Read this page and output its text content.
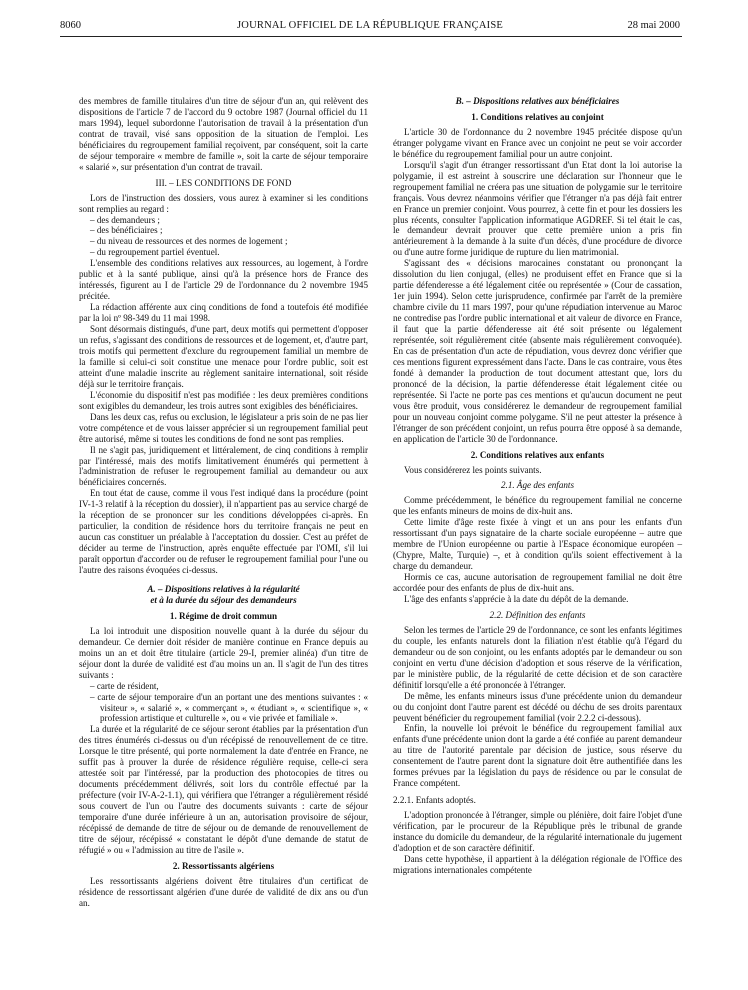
8060	JOURNAL OFFICIEL DE LA RÉPUBLIQUE FRANÇAISE	28 mai 2000

des membres de famille titulaires d'un titre de séjour d'un an, qui relèvent des dispositions de l'article 7 de l'accord du 9 octobre 1987 (Journal officiel du 11 mars 1994), lequel subordonne l'autorisation de travail à la présentation d'un contrat de travail, visé sans opposition de la situation de l'emploi. Les bénéficiaires du regroupement familial reçoivent, par conséquent, soit la carte de séjour temporaire « membre de famille », soit la carte de séjour temporaire « salarié », sur présentation d'un contrat de travail.

III. – LES CONDITIONS DE FOND

Lors de l'instruction des dossiers, vous aurez à examiner si les conditions sont remplies au regard :

– des demandeurs ;

– des bénéficiaires ;

– du niveau de ressources et des normes de logement ;

– du regroupement partiel éventuel.

L'ensemble des conditions relatives aux ressources, au logement, à l'ordre public et à la santé publique, ainsi qu'à la présence hors de France des intéressés, figurent au I de l'article 29 de l'ordonnance du 2 novembre 1945 précitée.

La rédaction afférente aux cinq conditions de fond a toutefois été modifiée par la loi nº 98-349 du 11 mai 1998.

Sont désormais distingués, d'une part, deux motifs qui permettent d'opposer un refus, s'agissant des conditions de ressources et de logement, et, d'autre part, trois motifs qui permettent d'exclure du regroupement familial un membre de la famille si celui-ci soit constitue une menace pour l'ordre public, soit est atteint d'une maladie inscrite au règlement sanitaire international, soit réside déjà sur le territoire français.

L'économie du dispositif n'est pas modifiée : les deux premières conditions sont exigibles du demandeur, les trois autres sont exigibles des bénéficiaires.

Dans les deux cas, refus ou exclusion, le législateur a pris soin de ne pas lier votre compétence et de vous laisser apprécier si un regroupement familial peut être autorisé, même si toutes les conditions de fond ne sont pas remplies.

Il ne s'agit pas, juridiquement et littéralement, de cinq conditions à remplir par l'intéressé, mais des motifs limitativement énumérés qui permettent à l'administration de refuser le regroupement familial au demandeur ou aux bénéficiaires concernés.

En tout état de cause, comme il vous l'est indiqué dans la procédure (point IV-1-3 relatif à la réception du dossier), il n'appartient pas au service chargé de la réception de se prononcer sur les conditions développées ci-après. En particulier, la condition de résidence hors du territoire français ne peut en aucun cas constituer un préalable à l'acceptation du dossier. C'est au préfet de décider au terme de l'instruction, après enquête effectuée par l'OMI, s'il lui paraît opportun d'accorder ou de refuser le regroupement familial pour l'une ou l'autre des raisons évoquées ci-dessus.

A. – Dispositions relatives à la régularité

et à la durée du séjour des demandeurs

1. Régime de droit commun

La loi introduit une disposition nouvelle quant à la durée du séjour du demandeur. Ce dernier doit résider de manière continue en France depuis au moins un an et doit être titulaire (article 29-I, premier alinéa) d'un titre de séjour dont la durée de validité est d'au moins un an. Il s'agit de l'un des titres suivants :

– carte de résident,

– carte de séjour temporaire d'un an portant une des mentions suivantes : « visiteur », « salarié », « commerçant », « étudiant », « scientifique », « profession artistique et culturelle », ou « vie privée et familiale ».

La durée et la régularité de ce séjour seront établies par la présentation d'un des titres énumérés ci-dessus ou d'un récépissé de renouvellement de ce titre. Lorsque le titre présenté, qui porte normalement la date d'entrée en France, ne suffit pas à prouver la durée de résidence régulière requise, celle-ci sera attestée soit par l'intéressé, par la production des photocopies de titres ou documents précédemment délivrés, soit lors du contrôle effectué par la préfecture (voir IV-A-2-1.1), qui vérifiera que l'étranger a régulièrement résidé sous couvert de l'un ou l'autre des documents suivants : carte de séjour temporaire d'une durée inférieure à un an, autorisation provisoire de séjour, récépissé de demande de titre de séjour ou de demande de renouvellement de titre de séjour, récépissé « constatant le dépôt d'une demande de statut de réfugié » ou « l'admission au titre de l'asile ».

2. Ressortissants algériens

Les ressortissants algériens doivent être titulaires d'un certificat de résidence de ressortissant algérien d'une durée de validité de dix ans ou d'un an.

B. – Dispositions relatives aux bénéficiaires

1. Conditions relatives au conjoint

L'article 30 de l'ordonnance du 2 novembre 1945 précitée dispose qu'un étranger polygame vivant en France avec un conjoint ne peut se voir accorder le bénéfice du regroupement familial pour un autre conjoint.

Lorsqu'il s'agit d'un étranger ressortissant d'un Etat dont la loi autorise la polygamie, il est astreint à souscrire une déclaration sur l'honneur que le regroupement familial ne créera pas une situation de polygamie sur le territoire français. Vous devrez néanmoins vérifier que l'étranger n'a pas déjà fait entrer en France un premier conjoint. Vous pourrez, à cette fin et pour les dossiers les plus récents, consulter l'application informatique AGDREF. Si tel était le cas, le demandeur devrait prouver que cette première union a pris fin antérieurement à la demande à la suite d'un décès, d'une procédure de divorce ou d'une autre forme juridique de rupture du lien matrimonial.

S'agissant des « décisions marocaines constatant ou prononçant la dissolution du lien conjugal, (elles) ne produisent effet en France que si la partie défenderesse a été légalement citée ou représentée » (Cour de cassation, 1er juin 1994). Selon cette jurisprudence, confirmée par l'arrêt de la première chambre civile du 11 mars 1997, pour qu'une répudiation intervenue au Maroc ne contredise pas l'ordre public international et ait valeur de divorce en France, il faut que la partie défenderesse ait été soit présente ou légalement représentée, soit régulièrement citée (absente mais régulièrement convoquée). En cas de présentation d'un acte de répudiation, vous devrez donc vérifier que ces mentions figurent expressément dans l'acte. Dans le cas contraire, vous êtes fondé à demander la production de tout document attestant que, lors du prononcé de la décision, la partie défenderesse était légalement citée ou représentée. Si l'acte ne porte pas ces mentions et qu'aucun document ne peut vous être produit, vous considérerez le demandeur de regroupement familial pour un nouveau conjoint comme polygame. S'il ne peut attester la présence à l'étranger de son précédent conjoint, un refus pourra être opposé à sa demande, en application de l'article 30 de l'ordonnance.

2. Conditions relatives aux enfants

Vous considérerez les points suivants.

2.1. Âge des enfants

Comme précédemment, le bénéfice du regroupement familial ne concerne que les enfants mineurs de moins de dix-huit ans.

Cette limite d'âge reste fixée à vingt et un ans pour les enfants d'un ressortissant d'un pays signataire de la charte sociale européenne – autre que membre de l'Union européenne ou partie à l'Espace économique européen – (Chypre, Malte, Turquie) –, et à condition qu'ils soient effectivement à la charge du demandeur.

Hormis ce cas, aucune autorisation de regroupement familial ne doit être accordée pour des enfants de plus de dix-huit ans.

L'âge des enfants s'apprécie à la date du dépôt de la demande.

2.2. Définition des enfants

Selon les termes de l'article 29 de l'ordonnance, ce sont les enfants légitimes du couple, les enfants naturels dont la filiation n'est établie qu'à l'égard du demandeur ou de son conjoint, ou les enfants adoptés par le demandeur ou son conjoint en vertu d'une décision d'adoption et sous réserve de la vérification, par le ministère public, de la régularité de cette décision et de son caractère définitif lorsqu'elle a été prononcée à l'étranger.

De même, les enfants mineurs issus d'une précédente union du demandeur ou du conjoint dont l'autre parent est décédé ou déchu de ses droits parentaux peuvent bénéficier du regroupement familial (voir 2.2.2 ci-dessous).

Enfin, la nouvelle loi prévoit le bénéfice du regroupement familial aux enfants d'une précédente union dont la garde a été confiée au parent demandeur au titre de l'autorité parentale par décision de justice, sous réserve du consentement de l'autre parent dont la signature doit être authentifiée dans les formes prévues par la législation du pays de résidence ou par le consulat de France compétent.

2.2.1. Enfants adoptés.

L'adoption prononcée à l'étranger, simple ou plénière, doit faire l'objet d'une vérification, par le procureur de la République près le tribunal de grande instance du domicile du demandeur, de la régularité internationale du jugement d'adoption et de son caractère définitif.

Dans cette hypothèse, il appartient à la délégation régionale de l'Office des migrations internationales compétente
